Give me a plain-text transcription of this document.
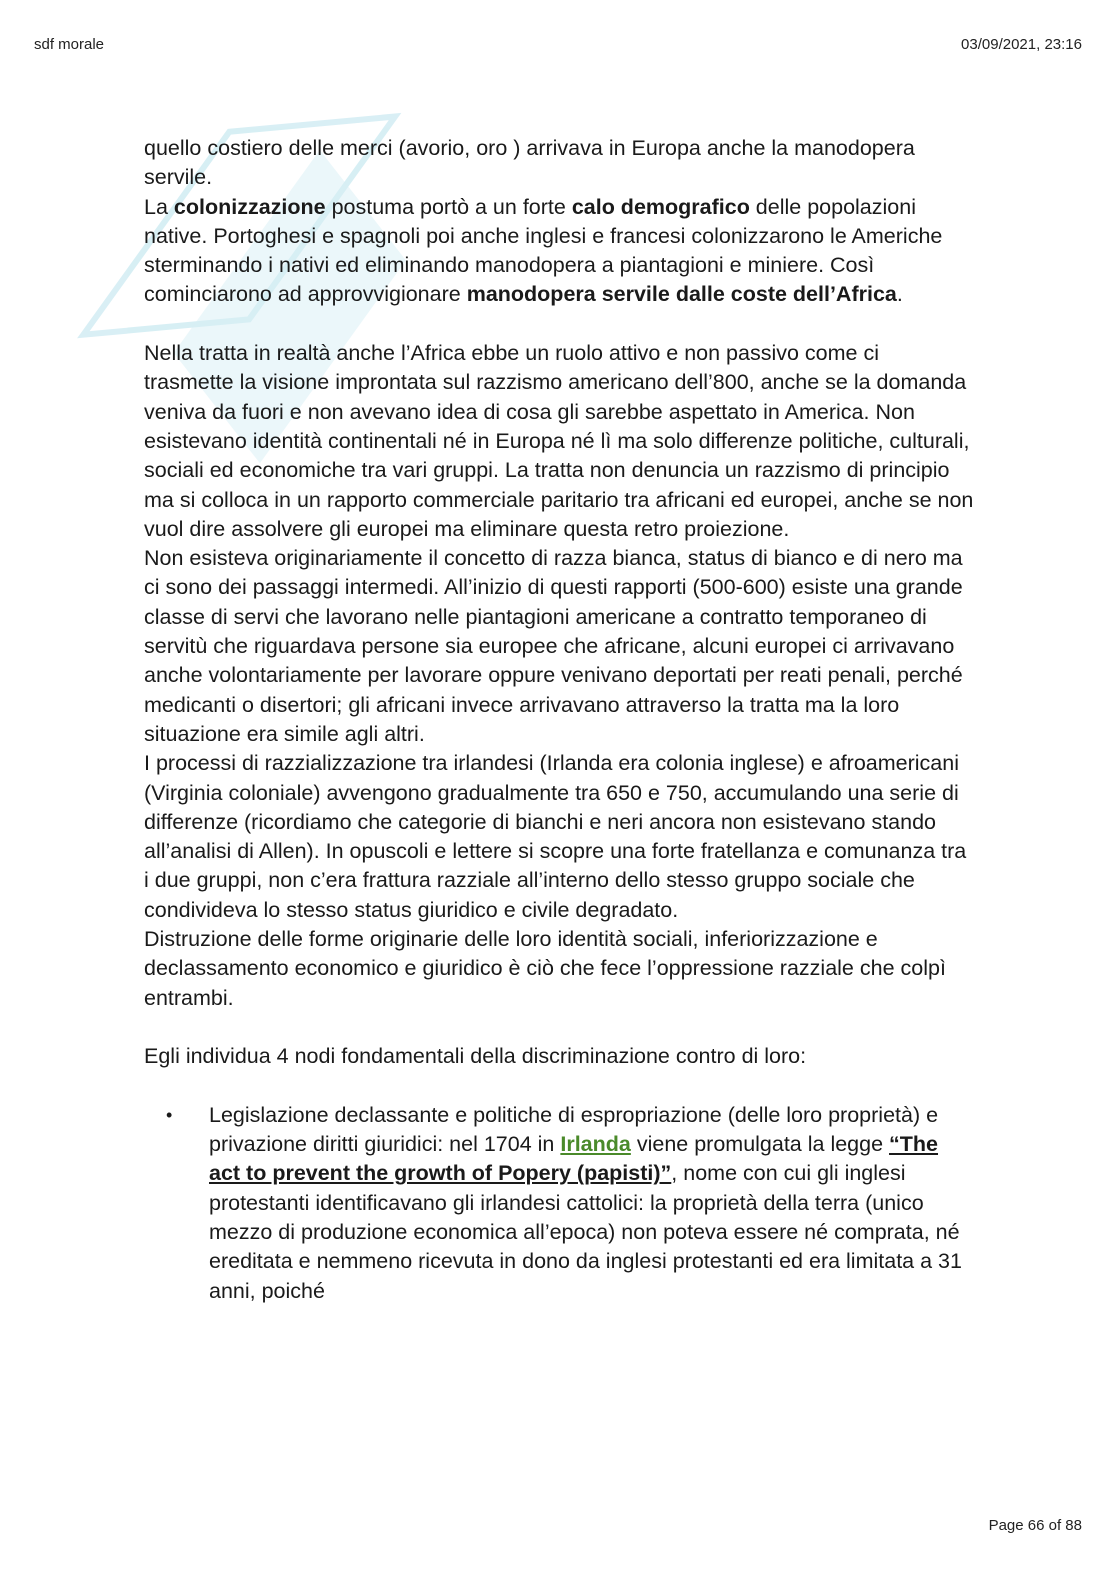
sdf morale	03/09/2021, 23:16

quello costiero delle merci (avorio, oro ) arrivava in Europa anche la manodopera servile.

La colonizzazione postuma portò a un forte calo demografico delle popolazioni native. Portoghesi e spagnoli poi anche inglesi e francesi colonizzarono le Americhe sterminando i nativi ed eliminando manodopera a piantagioni e miniere. Così cominciarono ad approvvigionare manodopera servile dalle coste dell’Africa.

Nella tratta in realtà anche l’Africa ebbe un ruolo attivo e non passivo come ci trasmette la visione improntata sul razzismo americano dell’800, anche se la domanda veniva da fuori e non avevano idea di cosa gli sarebbe aspettato in America. Non esistevano identità continentali né in Europa né lì ma solo differenze politiche, culturali, sociali ed economiche tra vari gruppi. La tratta non denuncia un razzismo di principio ma si colloca in un rapporto commerciale paritario tra africani ed europei, anche se non vuol dire assolvere gli europei ma eliminare questa retro proiezione.

Non esisteva originariamente il concetto di razza bianca, status di bianco e di nero ma ci sono dei passaggi intermedi. All’inizio di questi rapporti (500-600) esiste una grande classe di servi che lavorano nelle piantagioni americane a contratto temporaneo di servitù che riguardava persone sia europee che africane, alcuni europei ci arrivavano anche volontariamente per lavorare oppure venivano deportati per reati penali, perché medicanti o disertori; gli africani invece arrivavano attraverso la tratta ma la loro situazione era simile agli altri.

I processi di razzializzazione tra irlandesi (Irlanda era colonia inglese) e afroamericani (Virginia coloniale) avvengono gradualmente tra 650 e 750, accumulando una serie di differenze (ricordiamo che categorie di bianchi e neri ancora non esistevano stando all’analisi di Allen). In opuscoli e lettere si scopre una forte fratellanza e comunanza tra i due gruppi, non c’era frattura razziale all’interno dello stesso gruppo sociale che condivideva lo stesso status giuridico e civile degradato.

Distruzione delle forme originarie delle loro identità sociali, inferiorizzazione e declassamento economico e giuridico è ciò che fece l’oppressione razziale che colpì entrambi.

Egli individua 4 nodi fondamentali della discriminazione contro di loro:

• Legislazione declassante e politiche di espropriazione (delle loro proprietà) e privazione diritti giuridici: nel 1704 in Irlanda viene promulgata la legge “The act to prevent the growth of Popery (papisti)”, nome con cui gli inglesi protestanti identificavano gli irlandesi cattolici: la proprietà della terra (unico mezzo di produzione economica all’epoca) non poteva essere né comprata, né ereditata e nemmeno ricevuta in dono da inglesi protestanti ed era limitata a 31 anni, poiché
Page 66 of 88
